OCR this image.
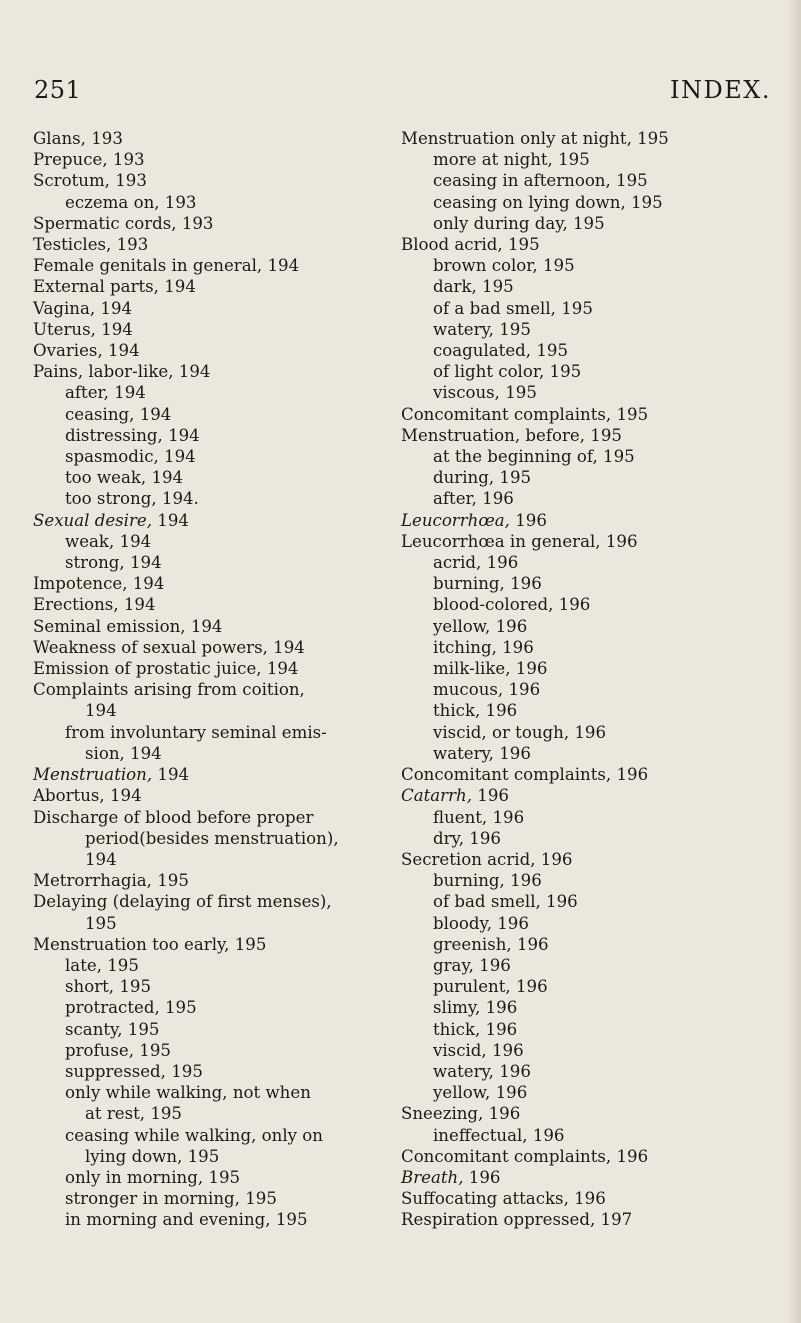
251	INDEX.
Glans, 193
Prepuce, 193
Scrotum, 193
eczema on, 193
Spermatic cords, 193
Testicles, 193
Female genitals in general, 194
External parts, 194
Vagina, 194
Uterus, 194
Ovaries, 194
Pains, labor-like, 194
after, 194
ceasing, 194
distressing, 194
spasmodic, 194
too weak, 194
too strong, 194.
Sexual desire, 194
weak, 194
strong, 194
Impotence, 194
Erections, 194
Seminal emission, 194
Weakness of sexual powers, 194
Emission of prostatic juice, 194
Complaints arising from coition,
194
from involuntary seminal emis-
sion, 194
Menstruation, 194
Abortus, 194
Discharge of blood before proper
period(besides menstruation),
194
Metrorrhagia, 195
Delaying (delaying of first menses),
195
Menstruation too early, 195
late, 195
short, 195
protracted, 195
scanty, 195
profuse, 195
suppressed, 195
only while walking, not when
at rest, 195
ceasing while walking, only on
lying down, 195
only in morning, 195
stronger in morning, 195
in morning and evening, 195
Menstruation only at night, 195
more at night, 195
ceasing in afternoon, 195
ceasing on lying down, 195
only during day, 195
Blood acrid, 195
brown color, 195
dark, 195
of a bad smell, 195
watery, 195
coagulated, 195
of light color, 195
viscous, 195
Concomitant complaints, 195
Menstruation, before, 195
at the beginning of, 195
during, 195
after, 196
Leucorrhœa, 196
Leucorrhœa in general, 196
acrid, 196
burning, 196
blood-colored, 196
yellow, 196
itching, 196
milk-like, 196
mucous, 196
thick, 196
viscid, or tough, 196
watery, 196
Concomitant complaints, 196
Catarrh, 196
fluent, 196
dry, 196
Secretion acrid, 196
burning, 196
of bad smell, 196
bloody, 196
greenish, 196
gray, 196
purulent, 196
slimy, 196
thick, 196
viscid, 196
watery, 196
yellow, 196
Sneezing, 196
ineffectual, 196
Concomitant complaints, 196
Breath, 196
Suffocating attacks, 196
Respiration oppressed, 197
